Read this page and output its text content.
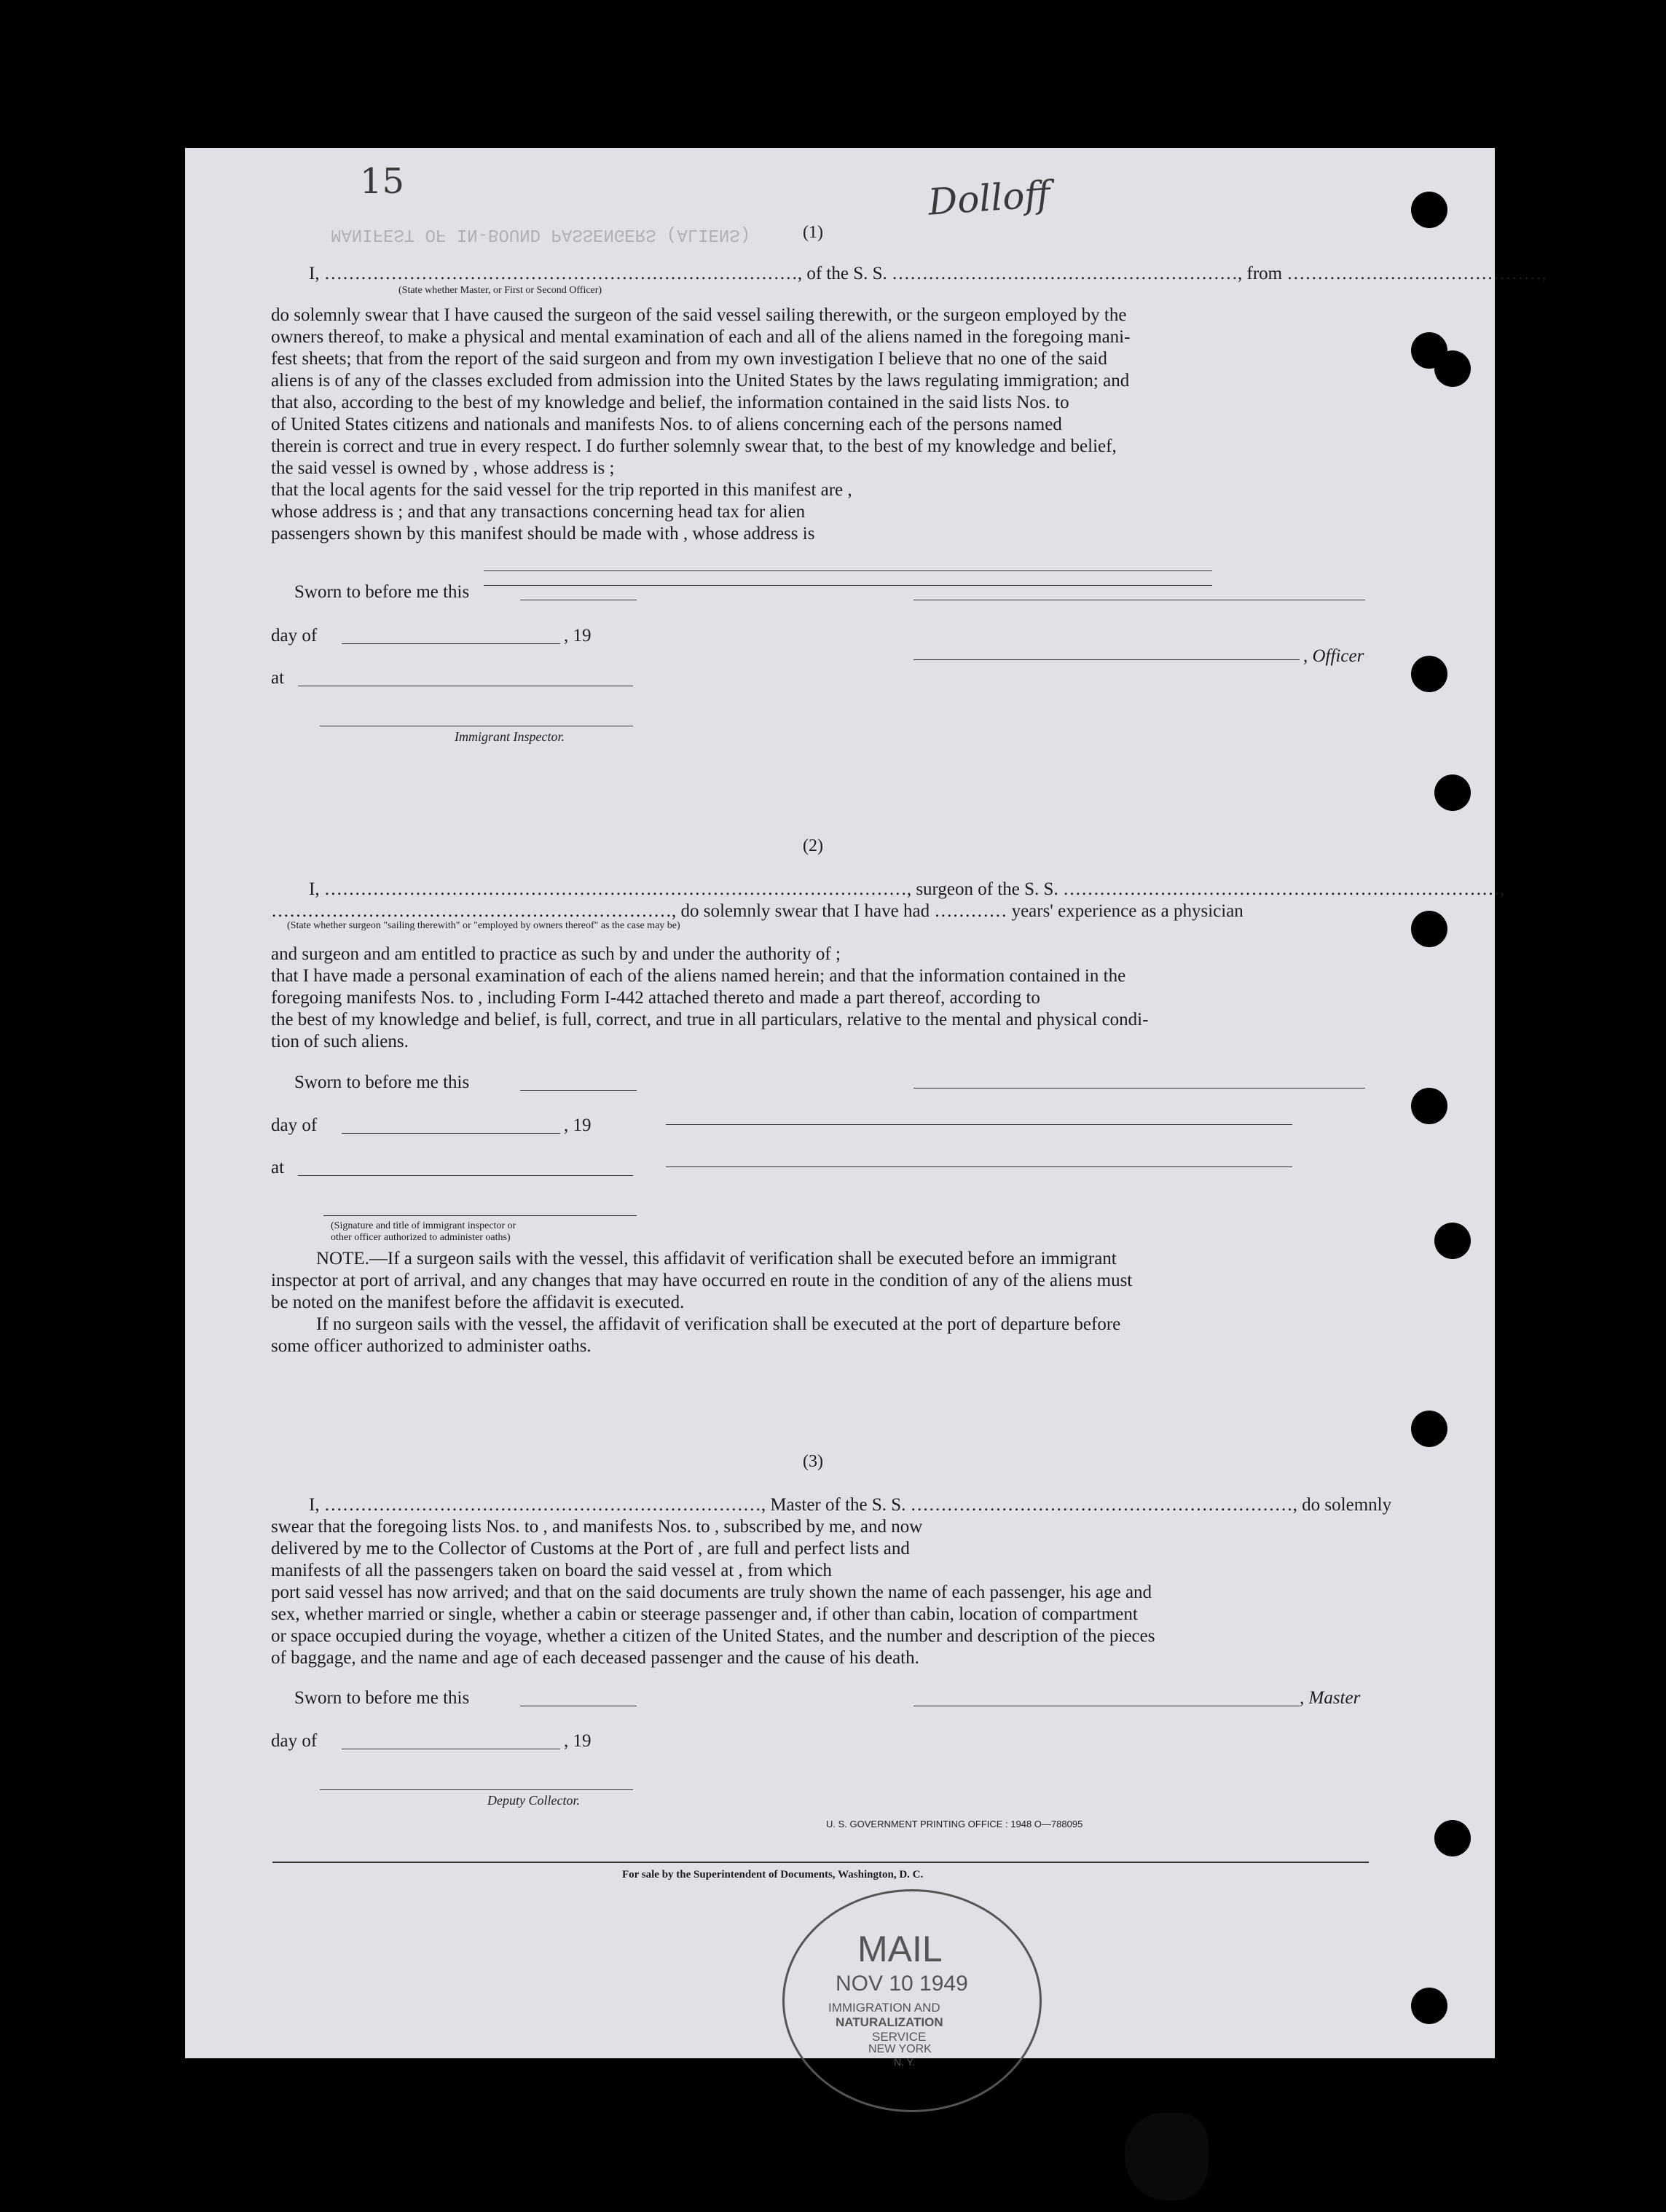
MANIFEST OF IN-BOUND PASSENGERS (ALIENS)
15	Dolloff
(1)
I, ……………………………………………………………………, of the S. S. …………………………………………………, from ……………………………………,
(State whether Master, or First or Second Officer)
do solemnly swear that I have caused the surgeon of the said vessel sailing therewith, or the surgeon employed by the
owners thereof, to make a physical and mental examination of each and all of the aliens named in the foregoing mani-
fest sheets; that from the report of the said surgeon and from my own investigation I believe that no one of the said
aliens is of any of the classes excluded from admission into the United States by the laws regulating immigration; and
that also, according to the best of my knowledge and belief, the information contained in the said lists Nos. to
of United States citizens and nationals and manifests Nos. to of aliens concerning each of the persons named
therein is correct and true in every respect. I do further solemnly swear that, to the best of my knowledge and belief,
the said vessel is owned by , whose address is ;
that the local agents for the said vessel for the trip reported in this manifest are ,
whose address is ; and that any transactions concerning head tax for alien
passengers shown by this manifest should be made with , whose address is
Sworn to before me this
day of	, 19
, Officer
at
Immigrant Inspector.
(2)
I, ……………………………………………………………………………………, surgeon of the S. S. ………………………………………………………………,
…………………………………………………………, do solemnly swear that I have had ………… years' experience as a physician
(State whether surgeon "sailing therewith" or "employed by owners thereof" as the case may be)
and surgeon and am entitled to practice as such by and under the authority of ;
that I have made a personal examination of each of the aliens named herein; and that the information contained in the
foregoing manifests Nos. to , including Form I-442 attached thereto and made a part thereof, according to
the best of my knowledge and belief, is full, correct, and true in all particulars, relative to the mental and physical condi-
tion of such aliens.
Sworn to before me this
day of	, 19
at
(Signature and title of immigrant inspector or
other officer authorized to administer oaths)
NOTE.—If a surgeon sails with the vessel, this affidavit of verification shall be executed before an immigrant
inspector at port of arrival, and any changes that may have occurred en route in the condition of any of the aliens must
be noted on the manifest before the affidavit is executed.
If no surgeon sails with the vessel, the affidavit of verification shall be executed at the port of departure before
some officer authorized to administer oaths.
(3)
I, ………………………………………………………………, Master of the S. S. ………………………………………………………, do solemnly
swear that the foregoing lists Nos. to , and manifests Nos. to , subscribed by me, and now
delivered by me to the Collector of Customs at the Port of , are full and perfect lists and
manifests of all the passengers taken on board the said vessel at , from which
port said vessel has now arrived; and that on the said documents are truly shown the name of each passenger, his age and
sex, whether married or single, whether a cabin or steerage passenger and, if other than cabin, location of compartment
or space occupied during the voyage, whether a citizen of the United States, and the number and description of the pieces
of baggage, and the name and age of each deceased passenger and the cause of his death.
Sworn to before me this	, Master
day of	, 19
Deputy Collector.
U. S. GOVERNMENT PRINTING OFFICE : 1948 O—788095
For sale by the Superintendent of Documents, Washington, D. C.
MAIL
NOV 10 1949
IMMIGRATION AND
NATURALIZATION
SERVICE
NEW YORK
N. Y.
